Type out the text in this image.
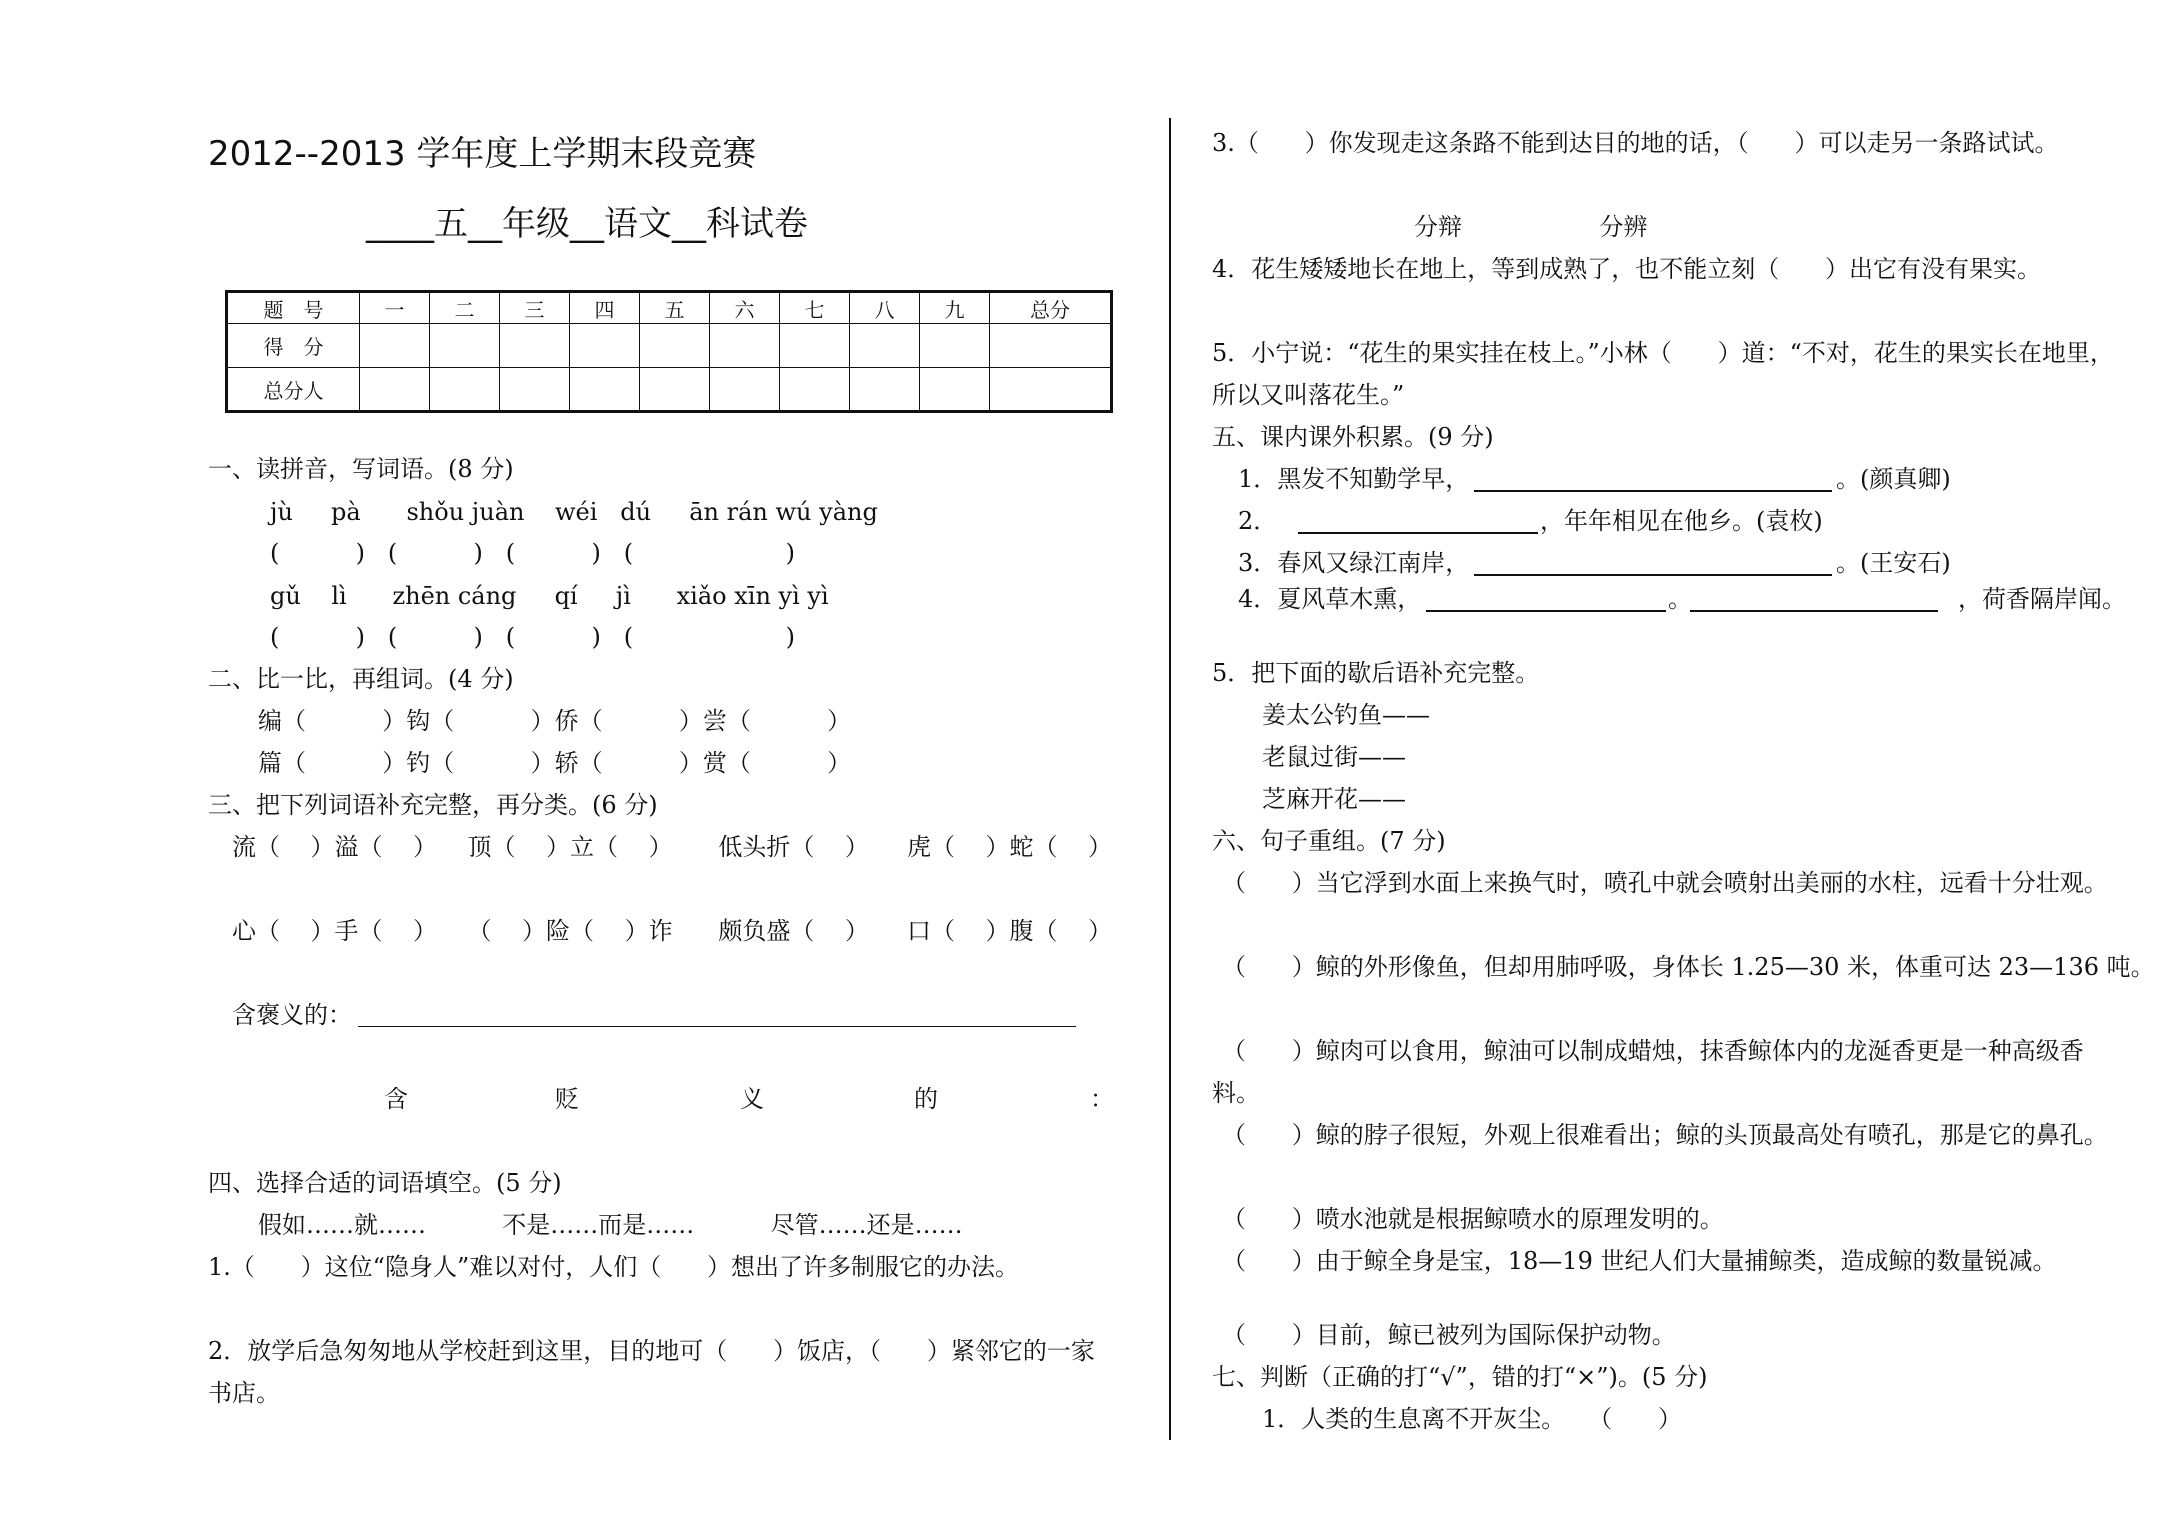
2012--2013 学年度上学期末段竞赛
____五__年级__语文__科试卷
题　号	一	二	三	四	五	六	七	八	九	总分
得　分										
总分人										
一、读拼音，写词语。(8 分)
jù     pà      shǒu juàn    wéi   dú     ān rán wú yàng
(          )   (          )   (          )   (                    )
gǔ    lì      zhēn cáng     qí     jì      xiǎo xīn yì yì
(          )   (          )   (          )   (                    )
二、比一比，再组词。(4 分)
编（          ）钩（          ）侨（          ）尝（          ）
篇（          ）钓（          ）轿（          ）赏（          ）
三、把下列词语补充完整，再分类。(6 分)
流（    ）溢（    ）    顶（    ）立（    ）      低头折（    ）     虎（    ）蛇（    ）
心（    ）手（    ）    （    ）险（    ）诈      颇负盛（    ）     口（    ）腹（    ）
含褒义的：
含	贬	义	的	：
四、选择合适的词语填空。(5 分)
假如……就……          不是……而是……          尽管……还是……
1.（      ）这位“隐身人”难以对付，人们（      ）想出了许多制服它的办法。
2．放学后急匆匆地从学校赶到这里，目的地可（      ）饭店，（      ）紧邻它的一家
书店。
3.（      ）你发现走这条路不能到达目的地的话，（      ）可以走另一条路试试。
分辩                  分辨
4．花生矮矮地长在地上，等到成熟了，也不能立刻（      ）出它有没有果实。
5．小宁说：“花生的果实挂在枝上。”小林（      ）道：“不对，花生的果实长在地里，
所以又叫落花生。”
五、课内课外积累。(9 分)
1．黑发不知勤学早，	。(颜真卿)
2．	，年年相见在他乡。(袁枚)
3．春风又绿江南岸，	。(王安石)
4．夏风草木熏，	。	，荷香隔岸闻。
5．把下面的歇后语补充完整。
姜太公钓鱼——
老鼠过街——
芝麻开花——
六、句子重组。(7 分)
（      ）当它浮到水面上来换气时，喷孔中就会喷射出美丽的水柱，远看十分壮观。
（      ）鲸的外形像鱼，但却用肺呼吸，身体长 1.25—30 米，体重可达 23—136 吨。
（      ）鲸肉可以食用，鲸油可以制成蜡烛，抹香鲸体内的龙涎香更是一种高级香
料。
（      ）鲸的脖子很短，外观上很难看出；鲸的头顶最高处有喷孔，那是它的鼻孔。
（      ）喷水池就是根据鲸喷水的原理发明的。
（      ）由于鲸全身是宝，18—19 世纪人们大量捕鲸类，造成鲸的数量锐减。
（      ）目前，鲸已被列为国际保护动物。
七、判断（正确的打“√”，错的打“×”)。(5 分)
1．人类的生息离不开灰尘。   （      ）
